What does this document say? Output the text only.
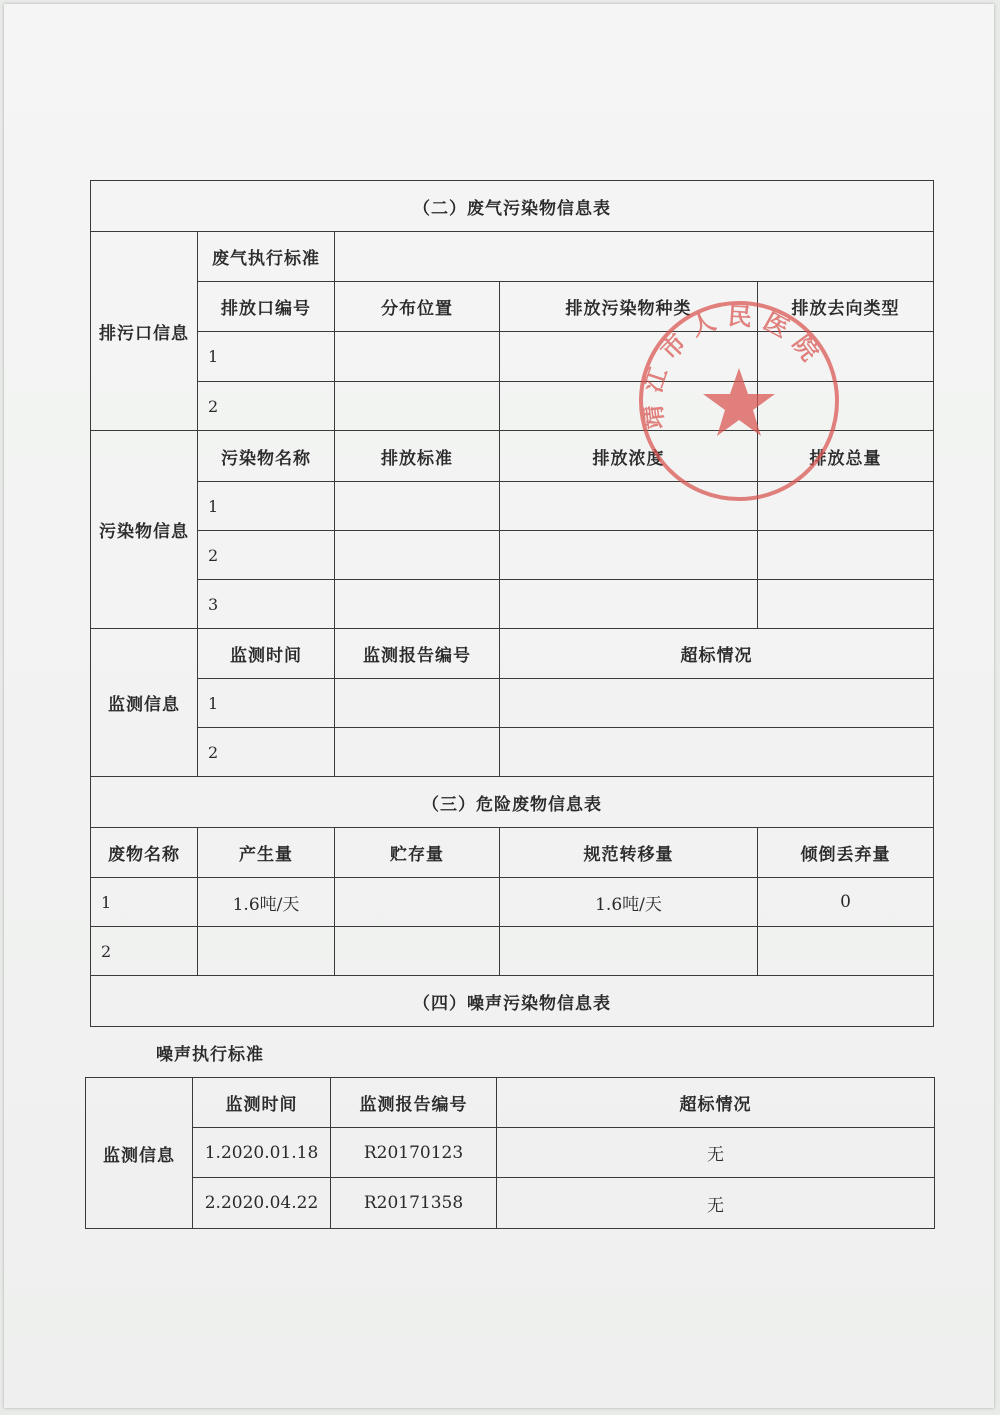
（二）废气污染物信息表				
排污口信息	废气执行标准			
	排放口编号	分布位置	排放污染物种类	排放去向类型
	1			
	2			
污染物信息	污染物名称	排放标准	排放浓度	排放总量
	1			
	2			
	3			
监测信息	监测时间	监测报告编号	超标情况	
	1			
	2			
（三）危险废物信息表				
废物名称	产生量	贮存量	规范转移量	倾倒丢弃量
1	1.6吨/天		1.6吨/天	0
2				
（四）噪声污染物信息表				
噪声执行标准
监测信息	监测时间	监测报告编号	超标情况
	1.2020.01.18	R20170123	无
	2.2020.04.22	R20171358	无
靖江市人民医院
